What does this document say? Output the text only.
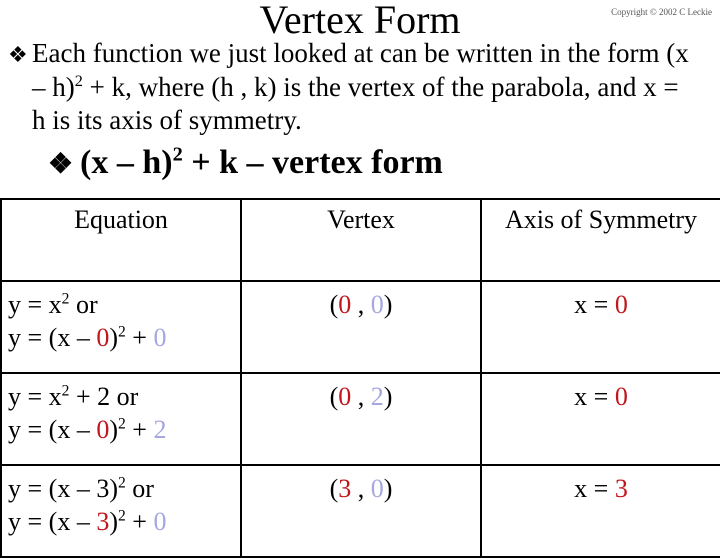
Vertex Form	Copyright © 2002 C Leckie
❖ Each function we just looked at can be written in the form (x
– h)$^2$ + k, where (h , k) is the vertex of the parabola, and x =
h is its axis of symmetry.
❖ (x – h)$^2$ + k – vertex form
Equation	Vertex	Axis of Symmetry

$y = x^2$ or
y = (x – 0)$^2$ + 0	(0 , 0)	x = 0

$y = x^2 + 2$ or
y = (x – 0)$^2$ + 2	(0 , 2)	x = 0

y = (x – 3)$^2$ or
y = (x – 3)$^2$ + 0	(3 , 0)	x = 3
